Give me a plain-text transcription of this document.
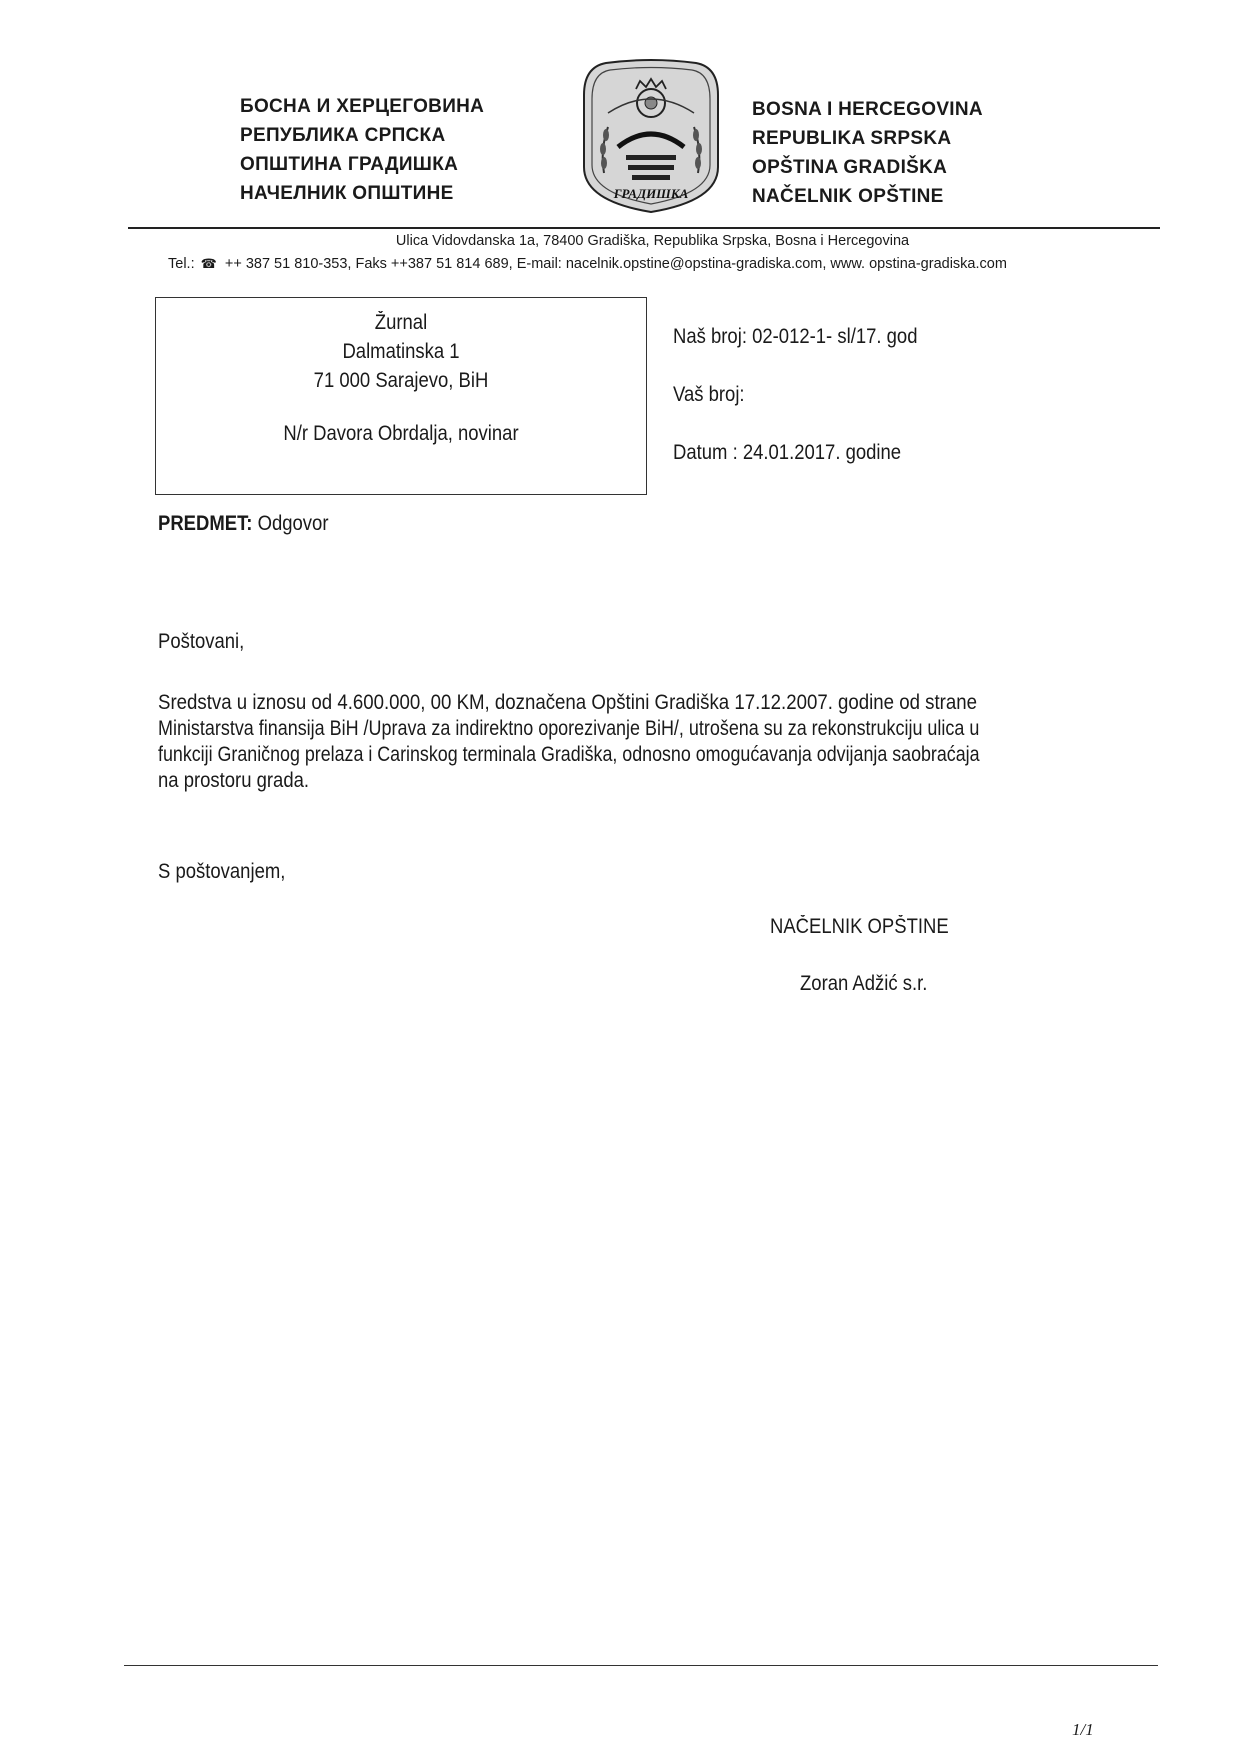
БОСНА И ХЕРЦЕГОВИНА
РЕПУБЛИКА СРПСКА
ОПШТИНА ГРАДИШКА
НАЧЕЛНИК ОПШТИНЕ	ГРАДИШКА
BOSNA I HERCEGOVINA
REPUBLIKA SRPSKA
OPŠTINA GRADIŠKA
NAČELNIK OPŠTINE
Ulica Vidovdanska 1a, 78400 Gradiška, Republika Srpska, Bosna i Hercegovina
Tel.: ☎ ++ 387 51 810-353, Faks ++387 51 814 689, E-mail: nacelnik.opstine@opstina-gradiska.com, www. opstina-gradiska.com
Žurnal
Dalmatinska 1
71 000 Sarajevo, BiH
N/r Davora Obrdalja, novinar
Naš broj: 02-012-1- sl/17. god
Vaš broj:
Datum : 24.01.2017. godine
PREDMET: Odgovor
Poštovani,
Sredstva u iznosu od 4.600.000, 00 KM, doznačena Opštini Gradiška 17.12.2007. godine od strane
Ministarstva finansija BiH /Uprava za indirektno oporezivanje BiH/, utrošena su za rekonstrukciju ulica u
funkciji Graničnog prelaza i Carinskog terminala Gradiška, odnosno omogućavanja odvijanja saobraćaja
na prostoru grada.
S poštovanjem,
NAČELNIK OPŠTINE
Zoran Adžić s.r.
1/1
